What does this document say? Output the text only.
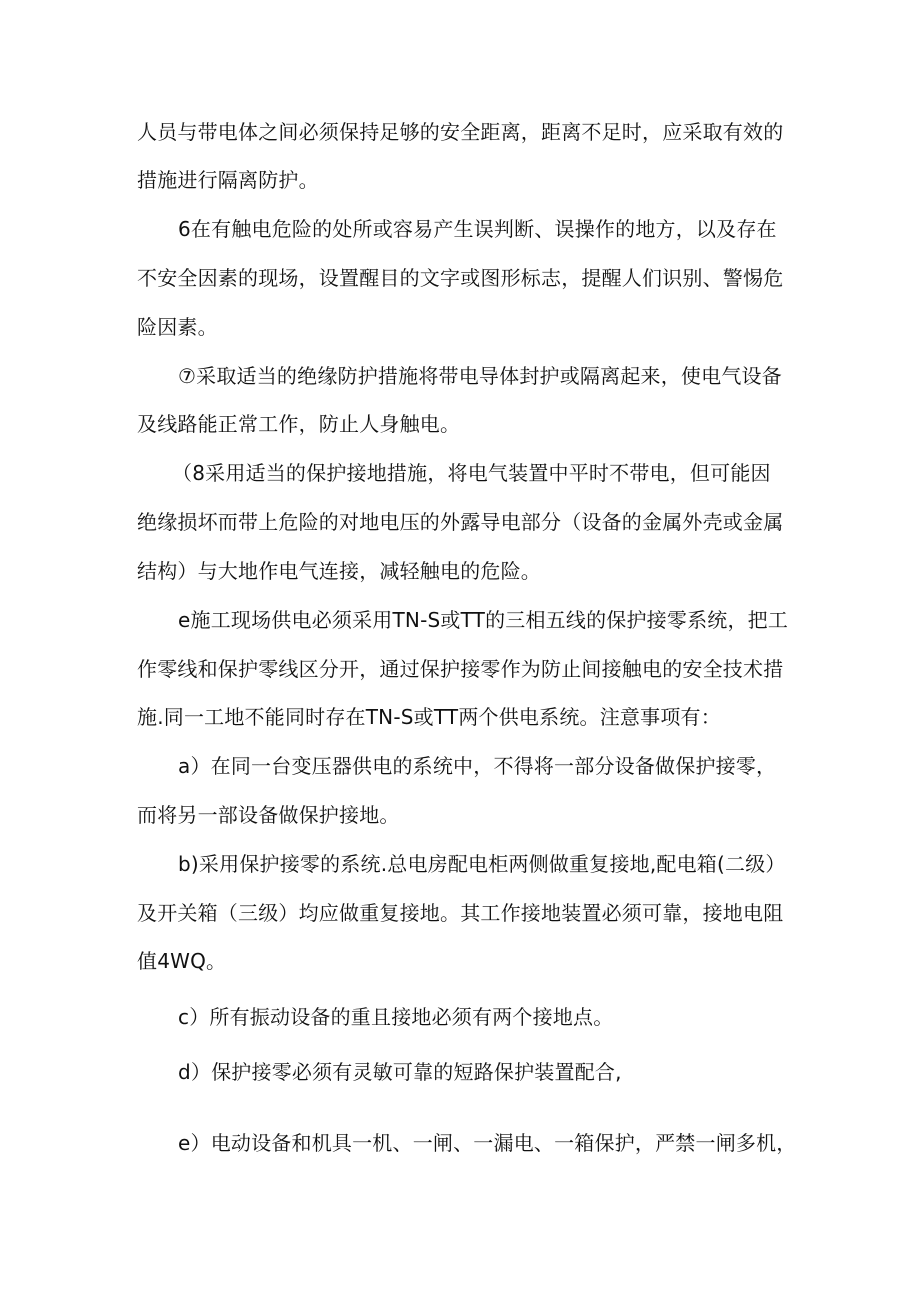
人员与带电体之间必须保持足够的安全距离，距离不足时，应采取有效的
措施进行隔离防护。
6在有触电危险的处所或容易产生误判断、误操作的地方，以及存在
不安全因素的现场，设置醒目的文字或图形标志，提醒人们识别、警惕危
险因素。
⑦采取适当的绝缘防护措施将带电导体封护或隔离起来，使电气设备
及线路能正常工作，防止人身触电。
（8采用适当的保护接地措施，将电气装置中平时不带电，但可能因
绝缘损坏而带上危险的对地电压的外露导电部分（设备的金属外壳或金属
结构）与大地作电气连接，减轻触电的危险。
e施工现场供电必须采用TN-S或TT的三相五线的保护接零系统，把工
作零线和保护零线区分开，通过保护接零作为防止间接触电的安全技术措
施.同一工地不能同时存在TN-S或TT两个供电系统。注意事项有：
a）在同一台变压器供电的系统中，不得将一部分设备做保护接零，
而将另一部设备做保护接地。
b)采用保护接零的系统.总电房配电柜两侧做重复接地,配电箱(二级）
及开关箱（三级）均应做重复接地。其工作接地装置必须可靠，接地电阻
值4WQ。
c）所有振动设备的重且接地必须有两个接地点。
d）保护接零必须有灵敏可靠的短路保护装置配合,
e）电动设备和机具一机、一闸、一漏电、一箱保护，严禁一闸多机，
